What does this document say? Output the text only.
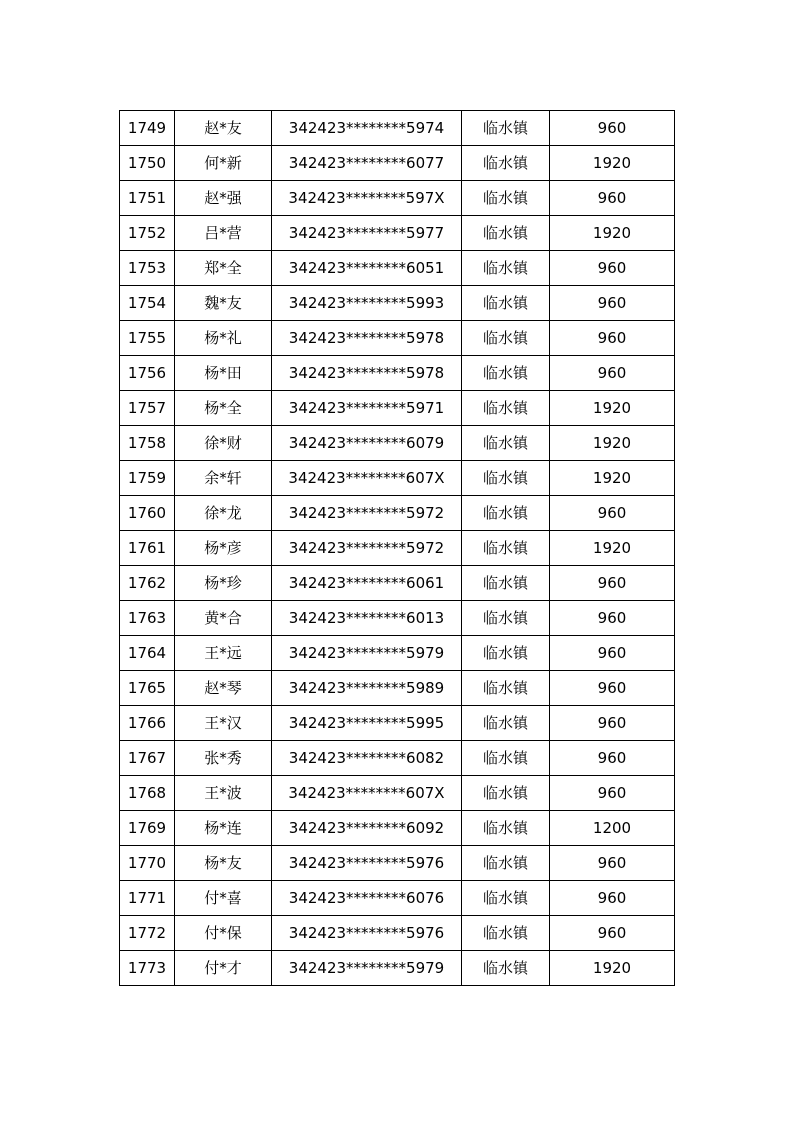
1749	赵*友	342423********5974	临水镇	960
1750	何*新	342423********6077	临水镇	1920
1751	赵*强	342423********597X	临水镇	960
1752	吕*营	342423********5977	临水镇	1920
1753	郑*全	342423********6051	临水镇	960
1754	魏*友	342423********5993	临水镇	960
1755	杨*礼	342423********5978	临水镇	960
1756	杨*田	342423********5978	临水镇	960
1757	杨*全	342423********5971	临水镇	1920
1758	徐*财	342423********6079	临水镇	1920
1759	余*轩	342423********607X	临水镇	1920
1760	徐*龙	342423********5972	临水镇	960
1761	杨*彦	342423********5972	临水镇	1920
1762	杨*珍	342423********6061	临水镇	960
1763	黄*合	342423********6013	临水镇	960
1764	王*远	342423********5979	临水镇	960
1765	赵*琴	342423********5989	临水镇	960
1766	王*汉	342423********5995	临水镇	960
1767	张*秀	342423********6082	临水镇	960
1768	王*波	342423********607X	临水镇	960
1769	杨*连	342423********6092	临水镇	1200
1770	杨*友	342423********5976	临水镇	960
1771	付*喜	342423********6076	临水镇	960
1772	付*保	342423********5976	临水镇	960
1773	付*才	342423********5979	临水镇	1920
